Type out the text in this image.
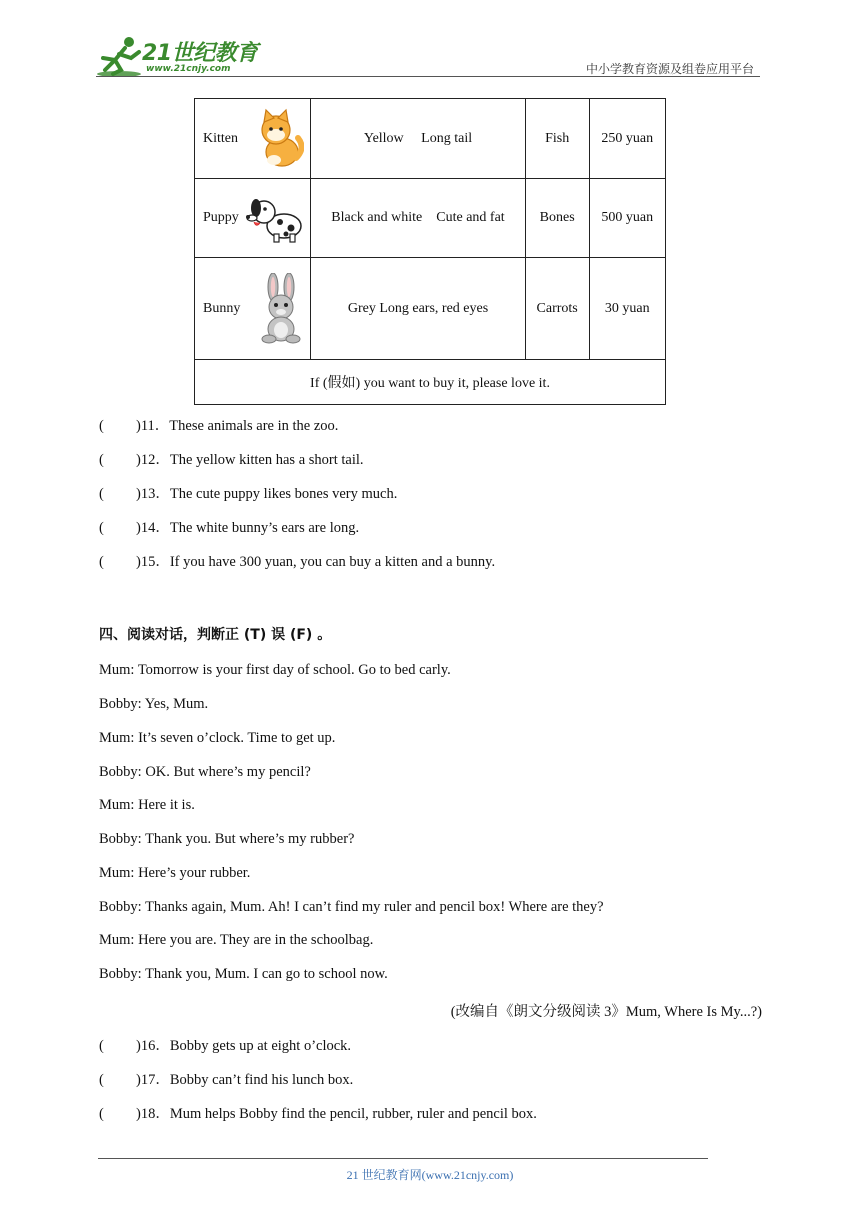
21世纪教育
www.21cnjy.com	中小学教育资源及组卷应用平台
Kitten	Yellow     Long tail	Fish	250 yuan
Puppy	Black and white    Cute and fat	Bones	500 yuan
Bunny	Grey Long ears, red eyes	Carrots	30 yuan
If (假如) you want to buy it, please love it.			
( )11．These animals are in the zoo.
( )12．The yellow kitten has a short tail.
( )13．The cute puppy likes bones very much.
( )14．The white bunny’s ears are long.
( )15．If you have 300 yuan, you can buy a kitten and a bunny.
四、阅读对话，判断正 (T) 误 (F) 。
Mum: Tomorrow is your first day of school. Go to bed carly.
Bobby: Yes, Mum.
Mum: It’s seven o’clock. Time to get up.
Bobby: OK. But where’s my pencil?
Mum: Here it is.
Bobby: Thank you. But where’s my rubber?
Mum: Here’s your rubber.
Bobby: Thanks again, Mum. Ah! I can’t find my ruler and pencil box! Where are they?
Mum: Here you are. They are in the schoolbag.
Bobby: Thank you, Mum. I can go to school now.
(改编自《朗文分级阅读 3》Mum, Where Is My...?)
( )16．Bobby gets up at eight o’clock.
( )17．Bobby can’t find his lunch box.
( )18．Mum helps Bobby find the pencil, rubber, ruler and pencil box.
21 世纪教育网(www.21cnjy.com)
